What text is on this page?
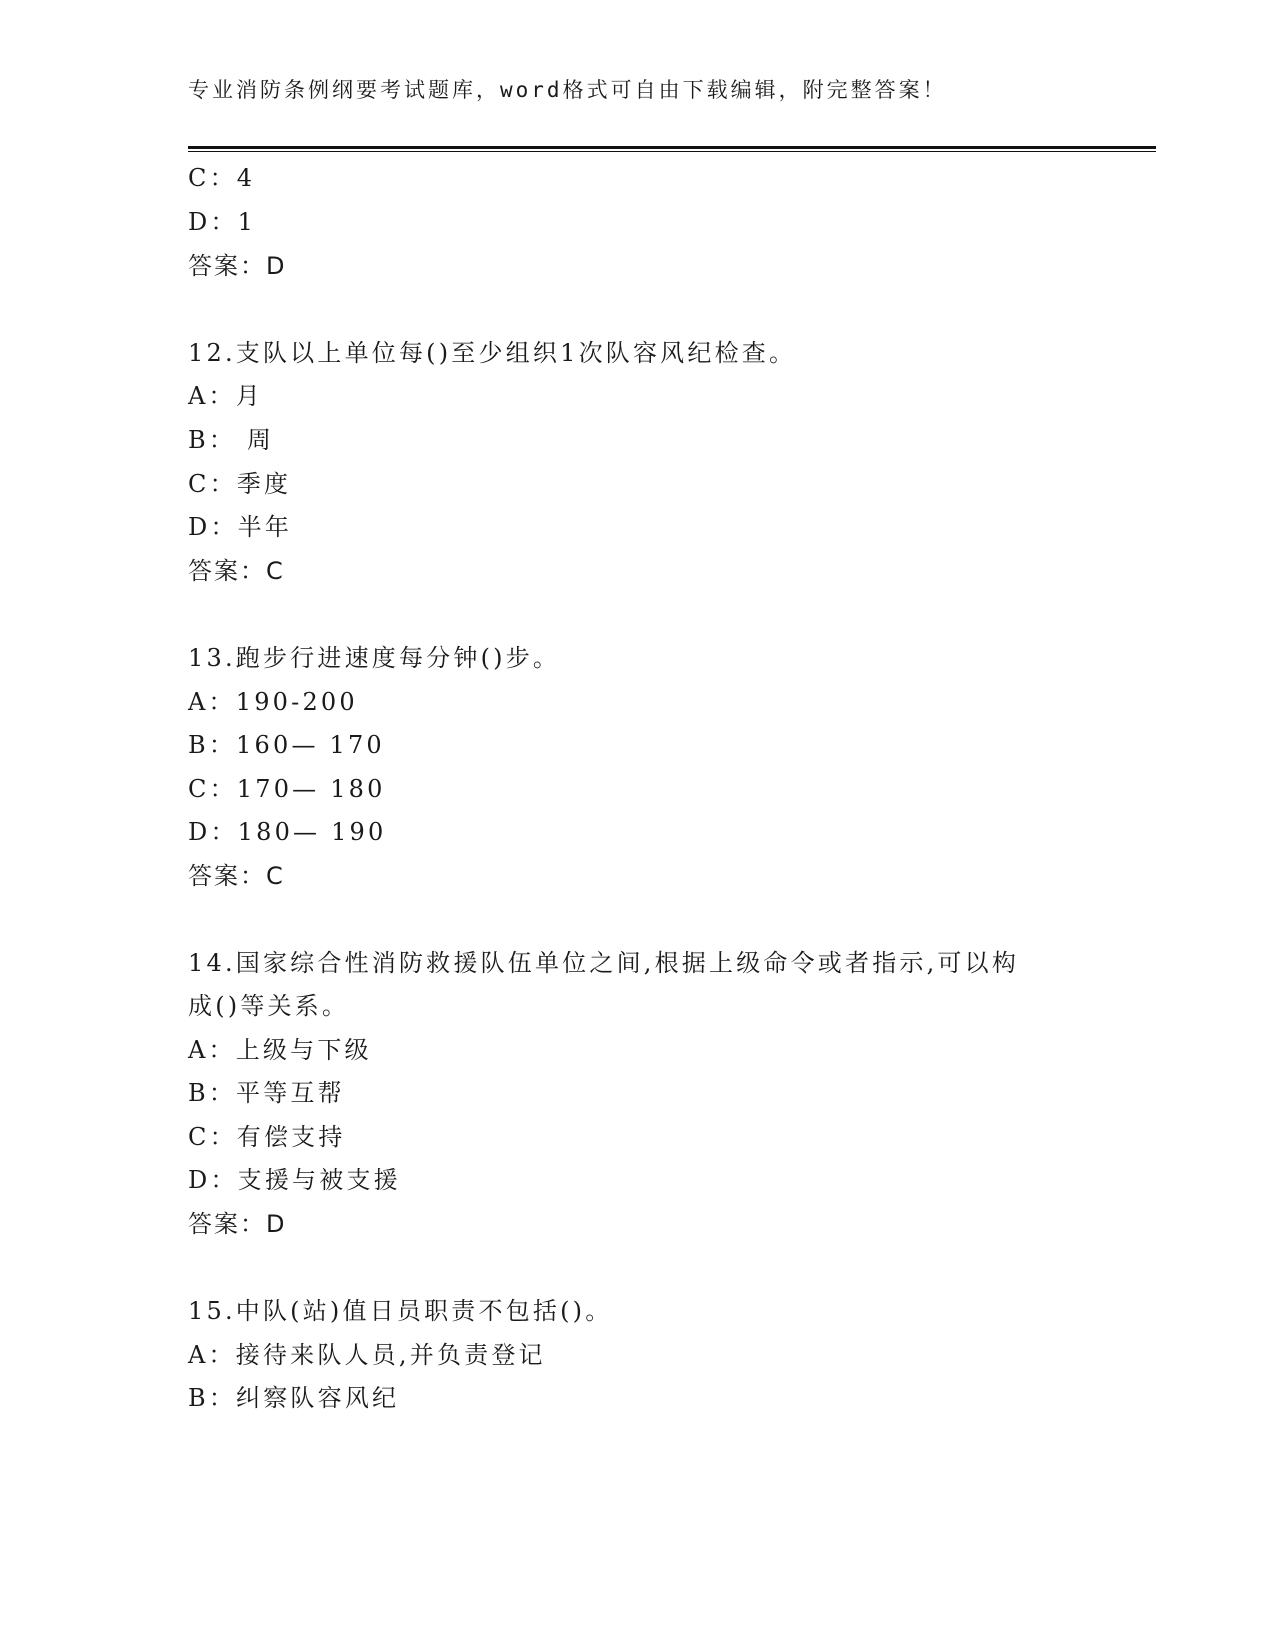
专业消防条例纲要考试题库，word格式可自由下载编辑，附完整答案！
C：4
D：1
答案：D
12.支队以上单位每()至少组织1次队容风纪检查。
A：月
B： 周
C：季度
D：半年
答案：C
13.跑步行进速度每分钟()步。
A：190-200
B：160— 170
C：170— 180
D：180— 190
答案：C
14.国家综合性消防救援队伍单位之间,根据上级命令或者指示,可以构
成()等关系。
A：上级与下级
B：平等互帮
C：有偿支持
D：支援与被支援
答案：D
15.中队(站)值日员职责不包括()。
A：接待来队人员,并负责登记
B：纠察队容风纪
